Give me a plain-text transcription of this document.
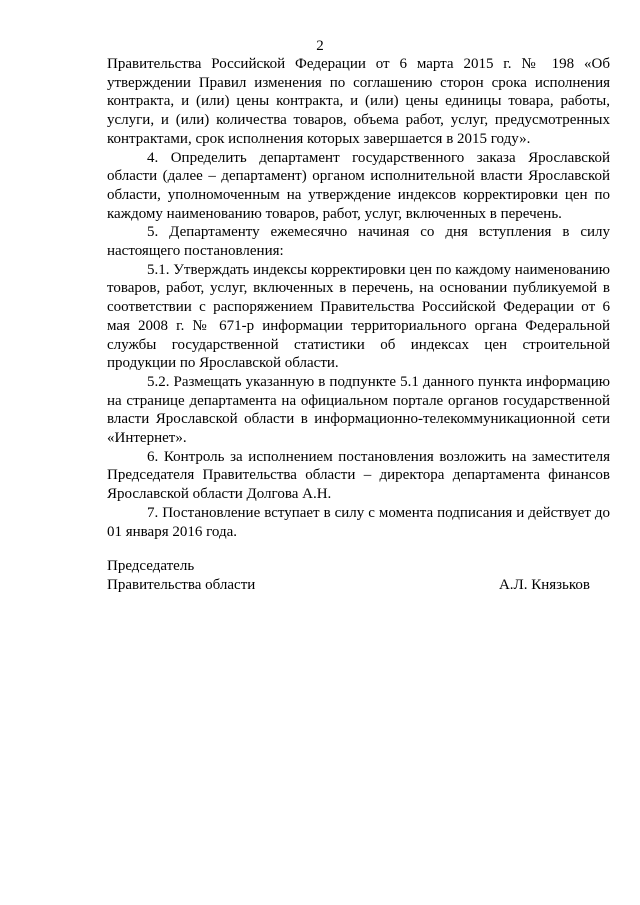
2

Правительства Российской Федерации от 6 марта 2015 г. № 198 «Об утверждении Правил изменения по соглашению сторон срока исполнения контракта, и (или) цены контракта, и (или) цены единицы товара, работы, услуги, и (или) количества товаров, объема работ, услуг, предусмотренных контрактами, срок исполнения которых завершается в 2015 году».

4. Определить департамент государственного заказа Ярославской области (далее – департамент) органом исполнительной власти Ярославской области, уполномоченным на утверждение индексов корректировки цен по каждому наименованию товаров, работ, услуг, включенных в перечень.

5. Департаменту ежемесячно начиная со дня вступления в силу настоящего постановления:

5.1. Утверждать индексы корректировки цен по каждому наименованию товаров, работ, услуг, включенных в перечень, на основании публикуемой в соответствии с распоряжением Правительства Российской Федерации от 6 мая 2008 г. № 671-р информации территориального органа Федеральной службы государственной статистики об индексах цен строительной продукции по Ярославской области.

5.2. Размещать указанную в подпункте 5.1 данного пункта информацию на странице департамента на официальном портале органов государственной власти Ярославской области в информационно-телекоммуникационной сети «Интернет».

6. Контроль за исполнением постановления возложить на заместителя Председателя Правительства области – директора департамента финансов Ярославской области Долгова А.Н.

7. Постановление вступает в силу с момента подписания и действует до 01 января 2016 года.

Председатель
Правительства области	А.Л. Князьков
